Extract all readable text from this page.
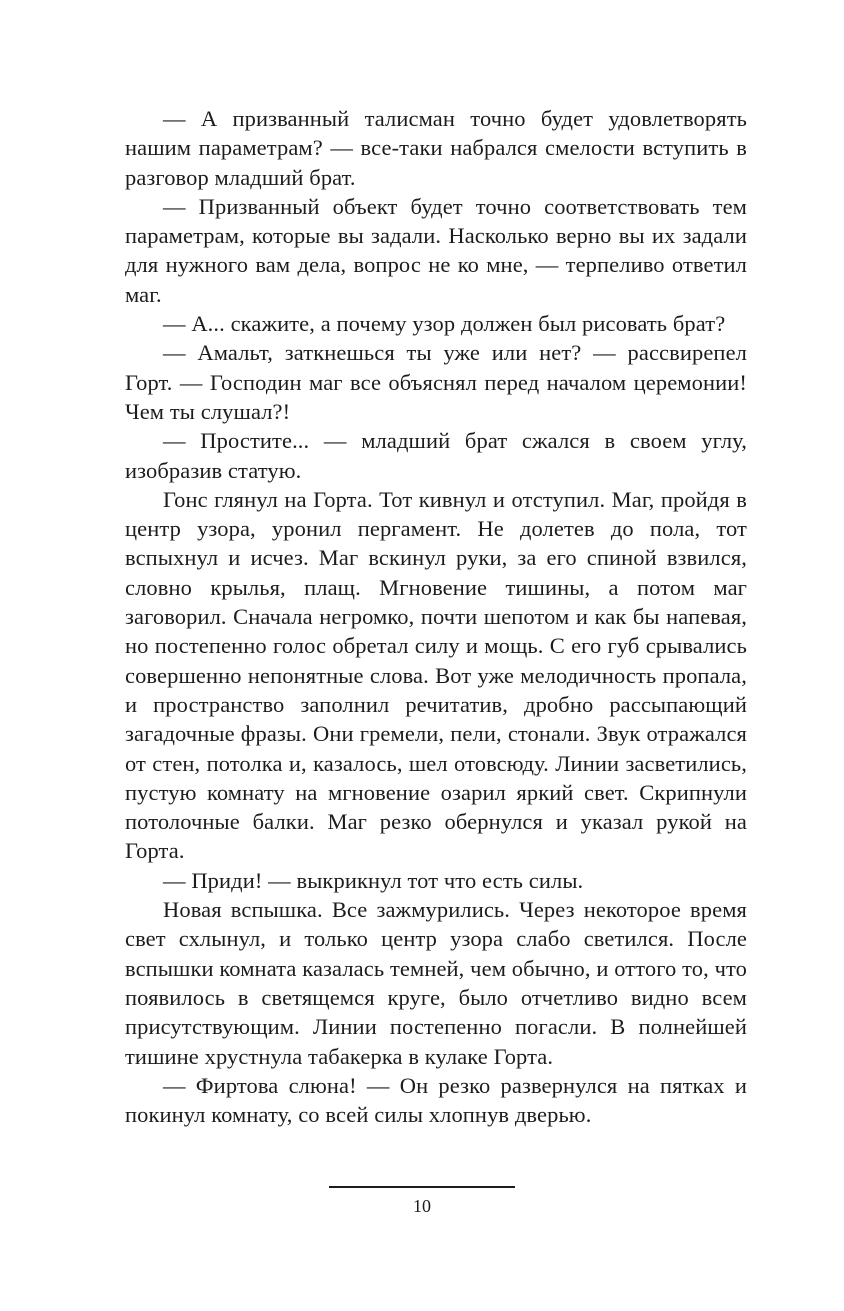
— А призванный талисман точно будет удовлетворять нашим параметрам? — все-таки набрался смелости вступить в разговор младший брат.

— Призванный объект будет точно соответствовать тем параметрам, которые вы задали. Насколько верно вы их задали для нужного вам дела, вопрос не ко мне, — терпеливо ответил маг.

— А... скажите, а почему узор должен был рисовать брат?

— Амальт, заткнешься ты уже или нет? — рассвирепел Горт. — Господин маг все объяснял перед началом церемонии! Чем ты слушал?!

— Простите... — младший брат сжался в своем углу, изобразив статую.

Гонс глянул на Горта. Тот кивнул и отступил. Маг, пройдя в центр узора, уронил пергамент. Не долетев до пола, тот вспыхнул и исчез. Маг вскинул руки, за его спиной взвился, словно крылья, плащ. Мгновение тишины, а потом маг заговорил. Сначала негромко, почти шепотом и как бы напевая, но постепенно голос обретал силу и мощь. С его губ срывались совершенно непонятные слова. Вот уже мелодичность пропала, и пространство заполнил речитатив, дробно рассыпающий загадочные фразы. Они гремели, пели, стонали. Звук отражался от стен, потолка и, казалось, шел отовсюду. Линии засветились, пустую комнату на мгновение озарил яркий свет. Скрипнули потолочные балки. Маг резко обернулся и указал рукой на Горта.

— Приди! — выкрикнул тот что есть силы.

Новая вспышка. Все зажмурились. Через некоторое время свет схлынул, и только центр узора слабо светился. После вспышки комната казалась темней, чем обычно, и оттого то, что появилось в светящемся круге, было отчетливо видно всем присутствующим. Линии постепенно погасли. В полнейшей тишине хрустнула табакерка в кулаке Горта.

— Фиртова слюна! — Он резко развернулся на пятках и покинул комнату, со всей силы хлопнув дверью.

10
